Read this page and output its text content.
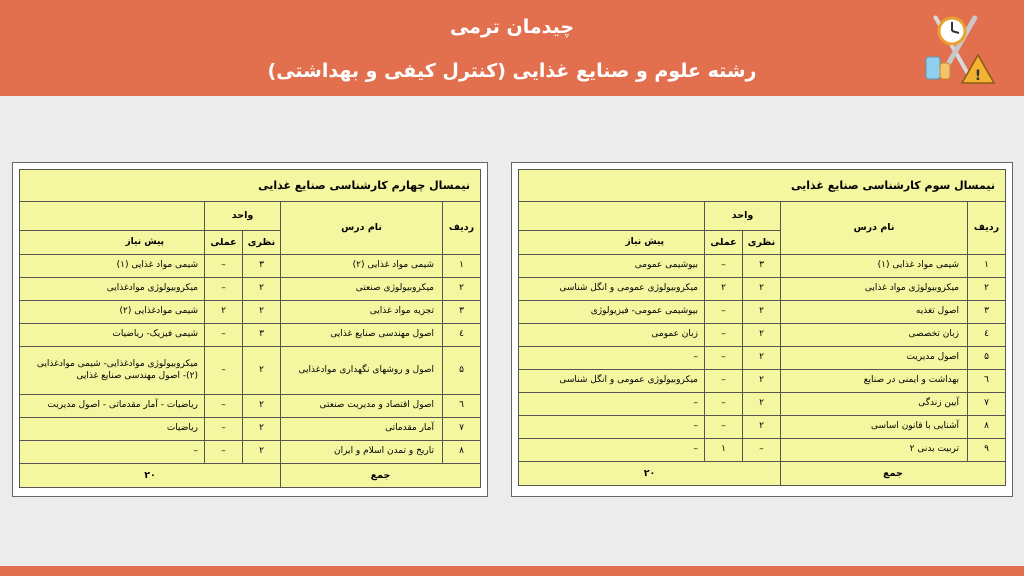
چیدمان ترمی
رشته علوم و صنایع غذایی (کنترل کیفی و بهداشتی)	!
نیمسال چهارم کارشناسی صنایع غذایی				
ردیف	نام درس	واحد		
		نظری	عملی	پیش نیاز
۱	شیمی مواد غذایی (۲)	۳	–	شیمی مواد غذایی (۱)
۲	میکروبیولوژی صنعتی	۲	–	میکروبیولوژی موادغذایی
۳	تجزیه مواد غذایی	۲	۲	شیمی موادغذایی (۲)
٤	اصول مهندسی صنایع غذایی	۳	–	شیمی فیزیک- ریاضیات
۵	اصول و روشهای نگهداری موادغذایی	۲	–	میکروبیولوژی موادغذایی- شیمی موادغذایی (۲)- اصول مهندسی صنایع غذایی
٦	اصول اقتصاد و مدیریت صنعتی	۲	–	ریاضیات - آمار مقدماتی - اصول مدیریت
۷	آمار مقدماتی	۲	–	ریاضیات
۸	تاریخ و تمدن اسلام و ایران	۲	–	–
جمع		۲۰		
نیمسال سوم کارشناسی صنایع غذایی				
ردیف	نام درس	واحد		
		نظری	عملی	پیش نیاز
۱	شیمی مواد غذایی (۱)	۳	–	بیوشیمی عمومی
۲	میکروبیولوژی مواد غذایی	۲	۲	میکروبیولوژی عمومی و انگل شناسی
۳	اصول تغذیه	۲	–	بیوشیمی عمومی- فیزیولوژی
٤	زبان تخصصی	۲	–	زبان عمومی
۵	اصول مدیریت	۲	–	–
٦	بهداشت و ایمنی در صنایع	۲	–	میکروبیولوژی عمومی و انگل شناسی
۷	آیین زندگی	۲	–	–
۸	آشنایی با قانون اساسی	۲	–	–
۹	تربیت بدنی ۲	–	۱	–
جمع		۲۰		
